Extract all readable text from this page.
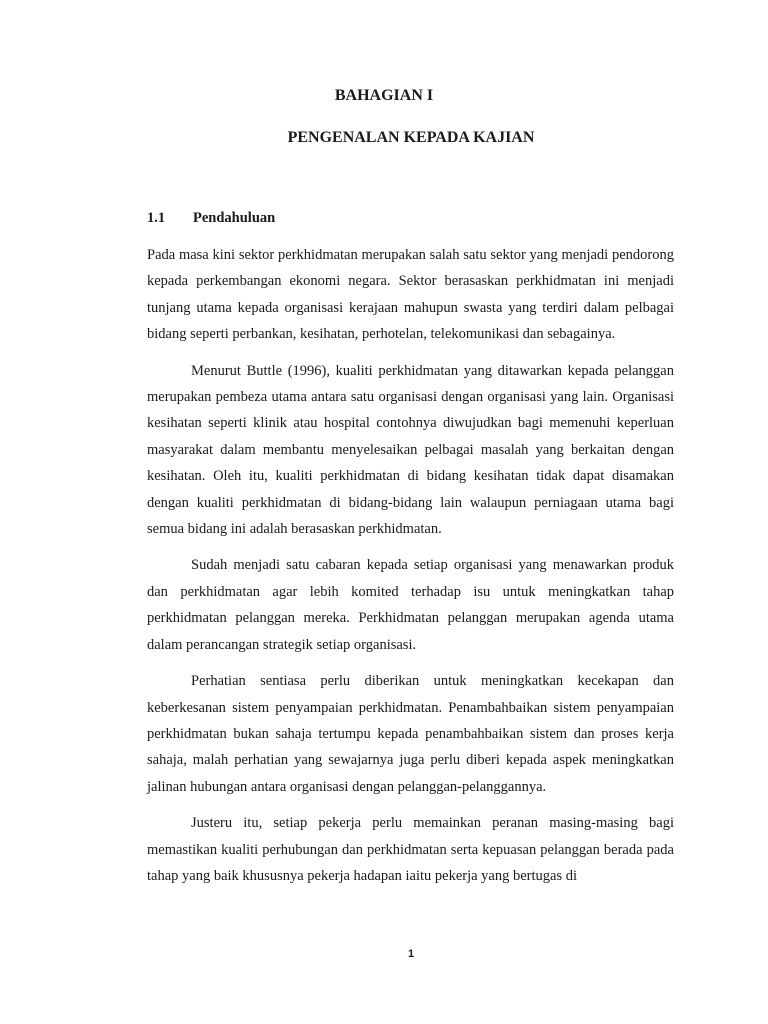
BAHAGIAN I
PENGENALAN KEPADA KAJIAN
1.1 Pendahuluan

Pada masa kini sektor perkhidmatan merupakan salah satu sektor yang menjadi pendorong kepada perkembangan ekonomi negara. Sektor berasaskan perkhidmatan ini menjadi tunjang utama kepada organisasi kerajaan mahupun swasta yang terdiri dalam pelbagai bidang seperti perbankan, kesihatan, perhotelan, telekomunikasi dan sebagainya.

Menurut Buttle (1996), kualiti perkhidmatan yang ditawarkan kepada pelanggan merupakan pembeza utama antara satu organisasi dengan organisasi yang lain. Organisasi kesihatan seperti klinik atau hospital contohnya diwujudkan bagi memenuhi keperluan masyarakat dalam membantu menyelesaikan pelbagai masalah yang berkaitan dengan kesihatan. Oleh itu, kualiti perkhidmatan di bidang kesihatan tidak dapat disamakan dengan kualiti perkhidmatan di bidang-bidang lain walaupun perniagaan utama bagi semua bidang ini adalah berasaskan perkhidmatan.

Sudah menjadi satu cabaran kepada setiap organisasi yang menawarkan produk dan perkhidmatan agar lebih komited terhadap isu untuk meningkatkan tahap perkhidmatan pelanggan mereka. Perkhidmatan pelanggan merupakan agenda utama dalam perancangan strategik setiap organisasi.

Perhatian sentiasa perlu diberikan untuk meningkatkan kecekapan dan keberkesanan sistem penyampaian perkhidmatan. Penambahbaikan sistem penyampaian perkhidmatan bukan sahaja tertumpu kepada penambahbaikan sistem dan proses kerja sahaja, malah perhatian yang sewajarnya juga perlu diberi kepada aspek meningkatkan jalinan hubungan antara organisasi dengan pelanggan-pelanggannya.

Justeru itu, setiap pekerja perlu memainkan peranan masing-masing bagi memastikan kualiti perhubungan dan perkhidmatan serta kepuasan pelanggan berada pada tahap yang baik khususnya pekerja hadapan iaitu pekerja yang bertugas di

1
